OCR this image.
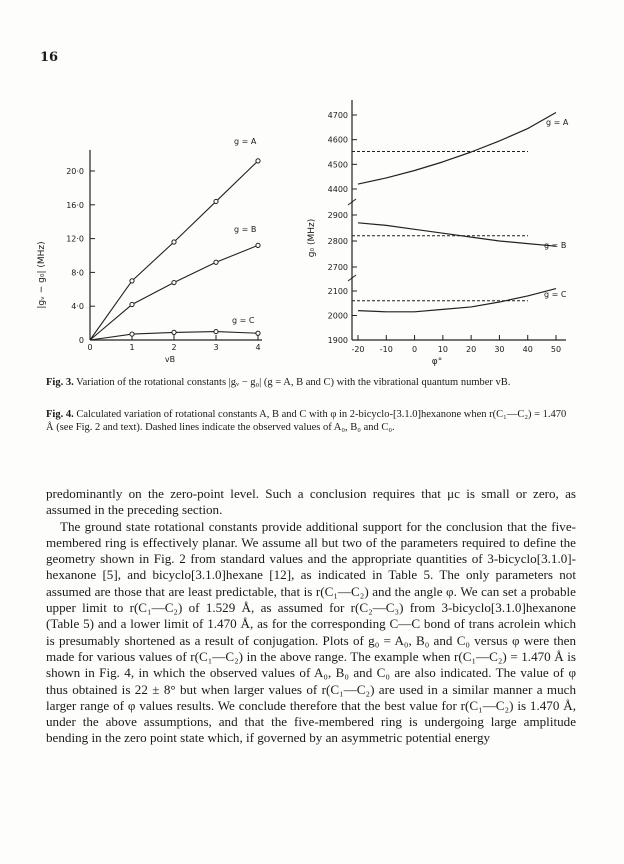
16
20·0
16·0
12·0
8·0
4·0
0
0	1	2	3	4
|gᵥ − g₀| (MHz)
vB
g = A
g = B
g = C
4700
4600
4500
4400
2900
2800
2700
2100
2000
1900
-20 -10 0	10 20 30 40 50
g₀ (MHz)
φ°
g = A
g = B
g = C
Fig. 3. Variation of the rotational constants |gᵥ − g₀| (g = A, B and C) with the vibrational quantum number vB.
Fig. 4. Calculated variation of rotational constants A, B and C with φ in 2-bicyclo-[3.1.0]hexanone when r(C₁—C₂) = 1.470 Å (see Fig. 2 and text). Dashed lines indicate the observed values of A₀, B₀ and C₀.

predominantly on the zero-point level. Such a conclusion requires that μc is small or zero, as assumed in the preceding section.

The ground state rotational constants provide additional support for the conclusion that the five-membered ring is effectively planar. We assume all but two of the parameters required to define the geometry shown in Fig. 2 from standard values and the appropriate quantities of 3-bicyclo[3.1.0]-hexanone [5], and bicyclo[3.1.0]hexane [12], as indicated in Table 5. The only parameters not assumed are those that are least predictable, that is r(C₁—C₂) and the angle φ. We can set a probable upper limit to r(C₁—C₂) of 1.529 Å, as assumed for r(C₂—C₃) from 3-bicyclo[3.1.0]hexanone (Table 5) and a lower limit of 1.470 Å, as for the corresponding C—C bond of trans acrolein which is presumably shortened as a result of conjugation. Plots of g₀ = A₀, B₀ and C₀ versus φ were then made for various values of r(C₁—C₂) in the above range. The example when r(C₁—C₂) = 1.470 Å is shown in Fig. 4, in which the observed values of A₀, B₀ and C₀ are also indicated. The value of φ thus obtained is 22 ± 8° but when larger values of r(C₁—C₂) are used in a similar manner a much larger range of φ values results. We conclude therefore that the best value for r(C₁—C₂) is 1.470 Å, under the above assumptions, and that the five-membered ring is undergoing large amplitude bending in the zero point state which, if governed by an asymmetric potential energy
